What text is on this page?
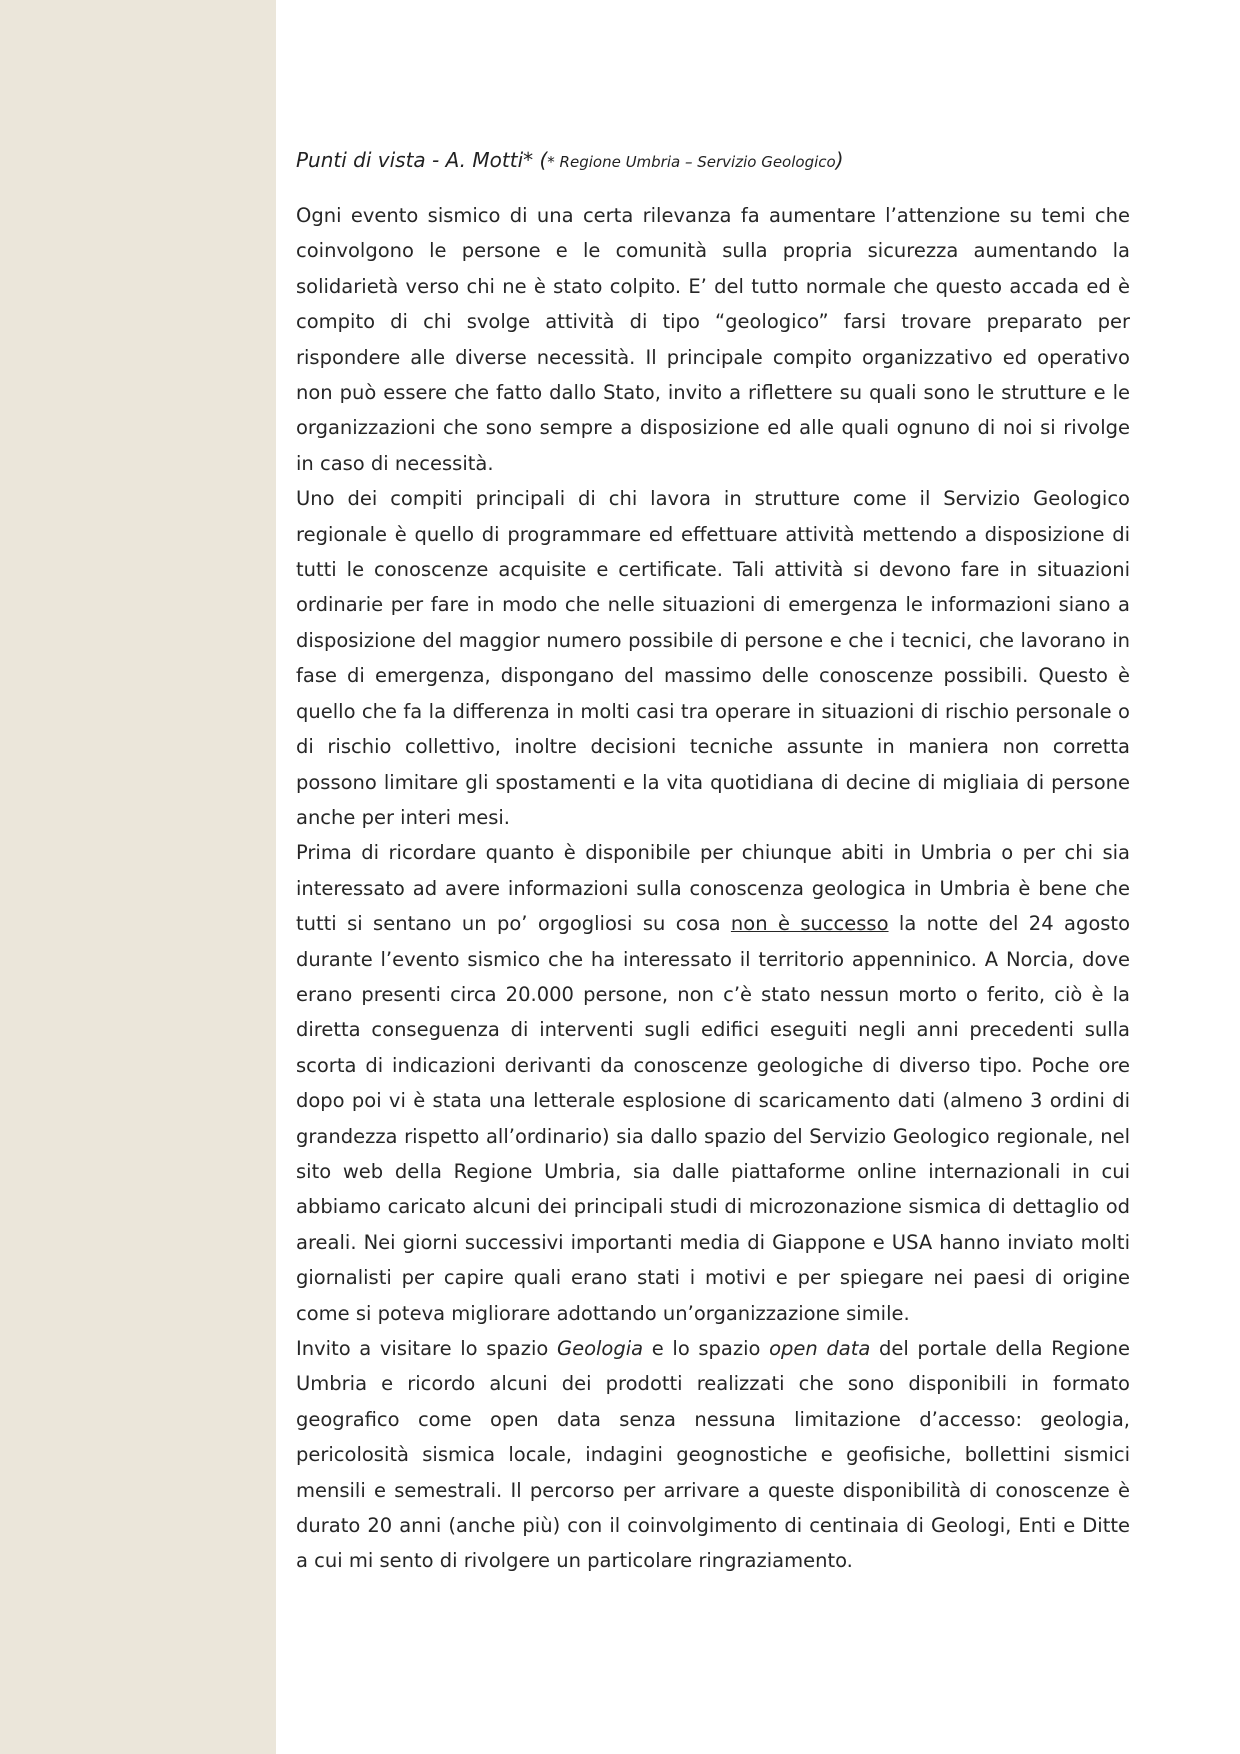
Punti di vista - A. Motti* (* Regione Umbria – Servizio Geologico)

Ogni evento sismico di una certa rilevanza fa aumentare l’attenzione su temi che coinvolgono le persone e le comunità sulla propria sicurezza aumentando la solidarietà verso chi ne è stato colpito. E’ del tutto normale che questo accada ed è compito di chi svolge attività di tipo “geologico” farsi trovare preparato per rispondere alle diverse necessità. Il principale compito organizzativo ed operativo non può essere che fatto dallo Stato, invito a riflettere su quali sono le strutture e le organizzazioni che sono sempre a disposizione ed alle quali ognuno di noi si rivolge in caso di necessità.

Uno dei compiti principali di chi lavora in strutture come il Servizio Geologico regionale è quello di programmare ed effettuare attività mettendo a disposizione di tutti le conoscenze acquisite e certificate. Tali attività si devono fare in situazioni ordinarie per fare in modo che nelle situazioni di emergenza le informazioni siano a disposizione del maggior numero possibile di persone e che i tecnici, che lavorano in fase di emergenza, dispongano del massimo delle conoscenze possibili. Questo è quello che fa la differenza in molti casi tra operare in situazioni di rischio personale o di rischio collettivo, inoltre decisioni tecniche assunte in maniera non corretta possono limitare gli spostamenti e la vita quotidiana di decine di migliaia di persone anche per interi mesi.

Prima di ricordare quanto è disponibile per chiunque abiti in Umbria o per chi sia interessato ad avere informazioni sulla conoscenza geologica in Umbria è bene che tutti si sentano un po’ orgogliosi su cosa non è successo la notte del 24 agosto durante l’evento sismico che ha interessato il territorio appenninico. A Norcia, dove erano presenti circa 20.000 persone, non c’è stato nessun morto o ferito, ciò è la diretta conseguenza di interventi sugli edifici eseguiti negli anni precedenti sulla scorta di indicazioni derivanti da conoscenze geologiche di diverso tipo. Poche ore dopo poi vi è stata una letterale esplosione di scaricamento dati (almeno 3 ordini di grandezza rispetto all’ordinario) sia dallo spazio del Servizio Geologico regionale, nel sito web della Regione Umbria, sia dalle piattaforme online internazionali in cui abbiamo caricato alcuni dei principali studi di microzonazione sismica di dettaglio od areali. Nei giorni successivi importanti media di Giappone e USA hanno inviato molti giornalisti per capire quali erano stati i motivi e per spiegare nei paesi di origine come si poteva migliorare adottando un’organizzazione simile.

Invito a visitare lo spazio Geologia e lo spazio open data del portale della Regione Umbria e ricordo alcuni dei prodotti realizzati che sono disponibili in formato geografico come open data senza nessuna limitazione d’accesso: geologia, pericolosità sismica locale, indagini geognostiche e geofisiche, bollettini sismici mensili e semestrali. Il percorso per arrivare a queste disponibilità di conoscenze è durato 20 anni (anche più) con il coinvolgimento di centinaia di Geologi, Enti e Ditte a cui mi sento di rivolgere un particolare ringraziamento.
